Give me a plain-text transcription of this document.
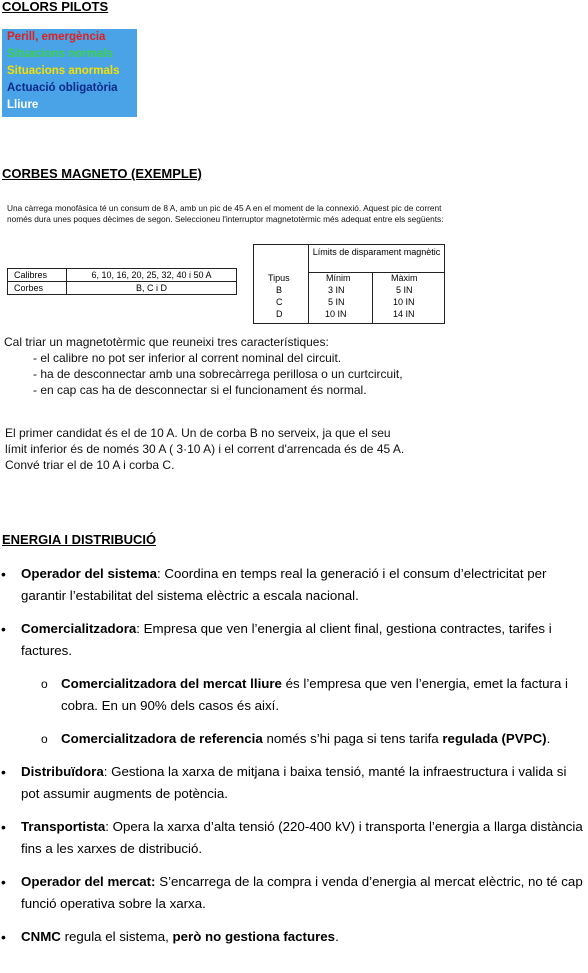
COLORS PILOTS
Perill, emergència
Situacions normals
Situacions anormals
Actuació obligatòria
Lliure
CORBES MAGNETO (EXEMPLE)
Una càrrega monofàsica té un consum de 8 A, amb un pic de 45 A en el moment de la connexió. Aquest pic de corrent només dura unes poques dècimes de segon. Seleccioneu l'interruptor magnetotèrmic més adequat entre els següents:
Calibres	6, 10, 16, 20, 25, 32, 40 i 50 A
Corbes	B, C i D
Límits de disparament magnètic
Tipus	Mínim	Màxim
B	3 IN	5 IN
C	5 IN	10 IN
D	10 IN	14 IN
Cal triar un magnetotèrmic que reuneixi tres característiques:
- el calibre no pot ser inferior al corrent nominal del circuit.
- ha de desconnectar amb una sobrecàrrega perillosa o un curtcircuit,
- en cap cas ha de desconnectar si el funcionament és normal.
El primer candidat és el de 10 A. Un de corba B no serveix, ja que el seu
límit inferior és de només 30 A ( 3·10 A) i el corrent d'arrencada és de 45 A.
Convé triar el de 10 A i corba C.
ENERGIA I DISTRIBUCIÓ
• Operador del sistema: Coordina en temps real la generació i el consum d’electricitat per garantir l’estabilitat del sistema elèctric a escala nacional.
• Comercialitzadora: Empresa que ven l’energia al client final, gestiona contractes, tarifes i factures.
o Comercialitzadora del mercat lliure és l’empresa que ven l’energia, emet la factura i cobra. En un 90% dels casos és així.
o Comercialitzadora de referencia només s’hi paga si tens tarifa regulada (PVPC).
• Distribuïdora: Gestiona la xarxa de mitjana i baixa tensió, manté la infraestructura i valida si pot assumir augments de potència.
• Transportista: Opera la xarxa d’alta tensió (220-400 kV) i transporta l’energia a llarga distància fins a les xarxes de distribució.
• Operador del mercat: S’encarrega de la compra i venda d’energia al mercat elèctric, no té cap funció operativa sobre la xarxa.
• CNMC regula el sistema, però no gestiona factures.
